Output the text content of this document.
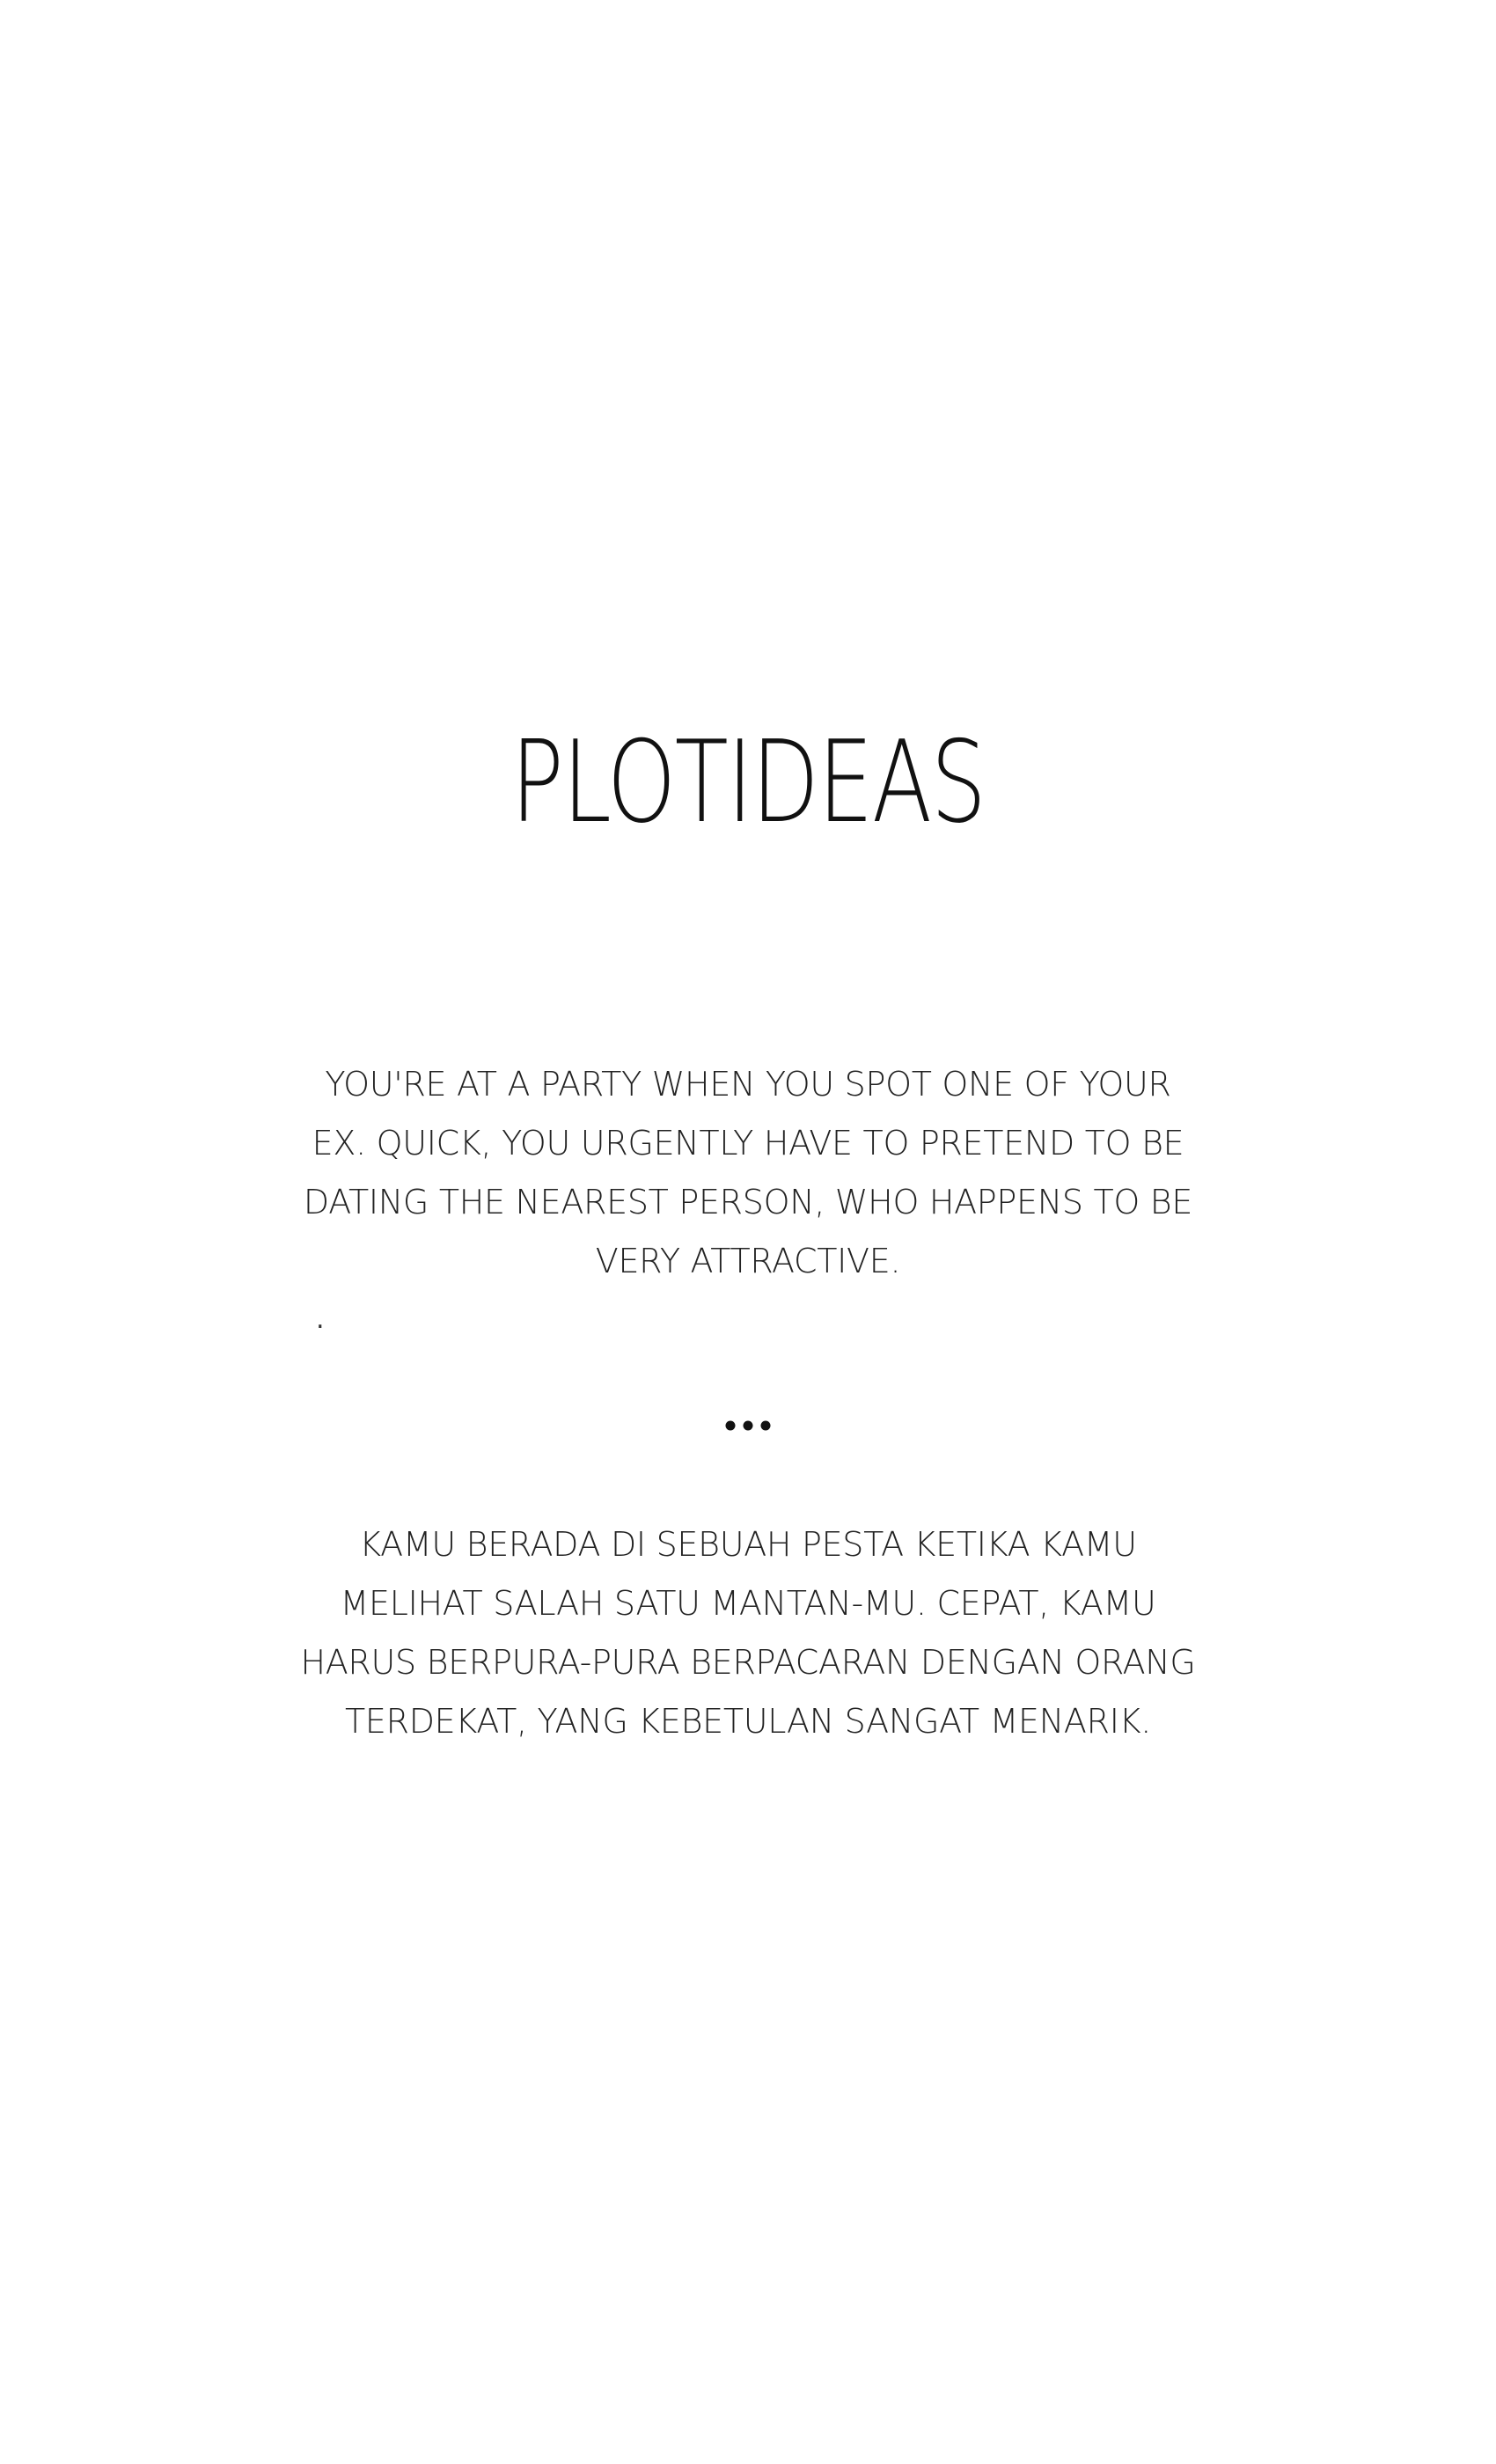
PLOTIDEAS
YOU'RE AT A PARTY WHEN YOU SPOT ONE OF YOUR EX. QUICK, YOU URGENTLY HAVE TO PRETEND TO BE DATING THE NEAREST PERSON, WHO HAPPENS TO BE VERY ATTRACTIVE.
.
KAMU BERADA DI SEBUAH PESTA KETIKA KAMU MELIHAT SALAH SATU MANTAN-MU. CEPAT, KAMU HARUS BERPURA-PURA BERPACARAN DENGAN ORANG TERDEKAT, YANG KEBETULAN SANGAT MENARIK.
